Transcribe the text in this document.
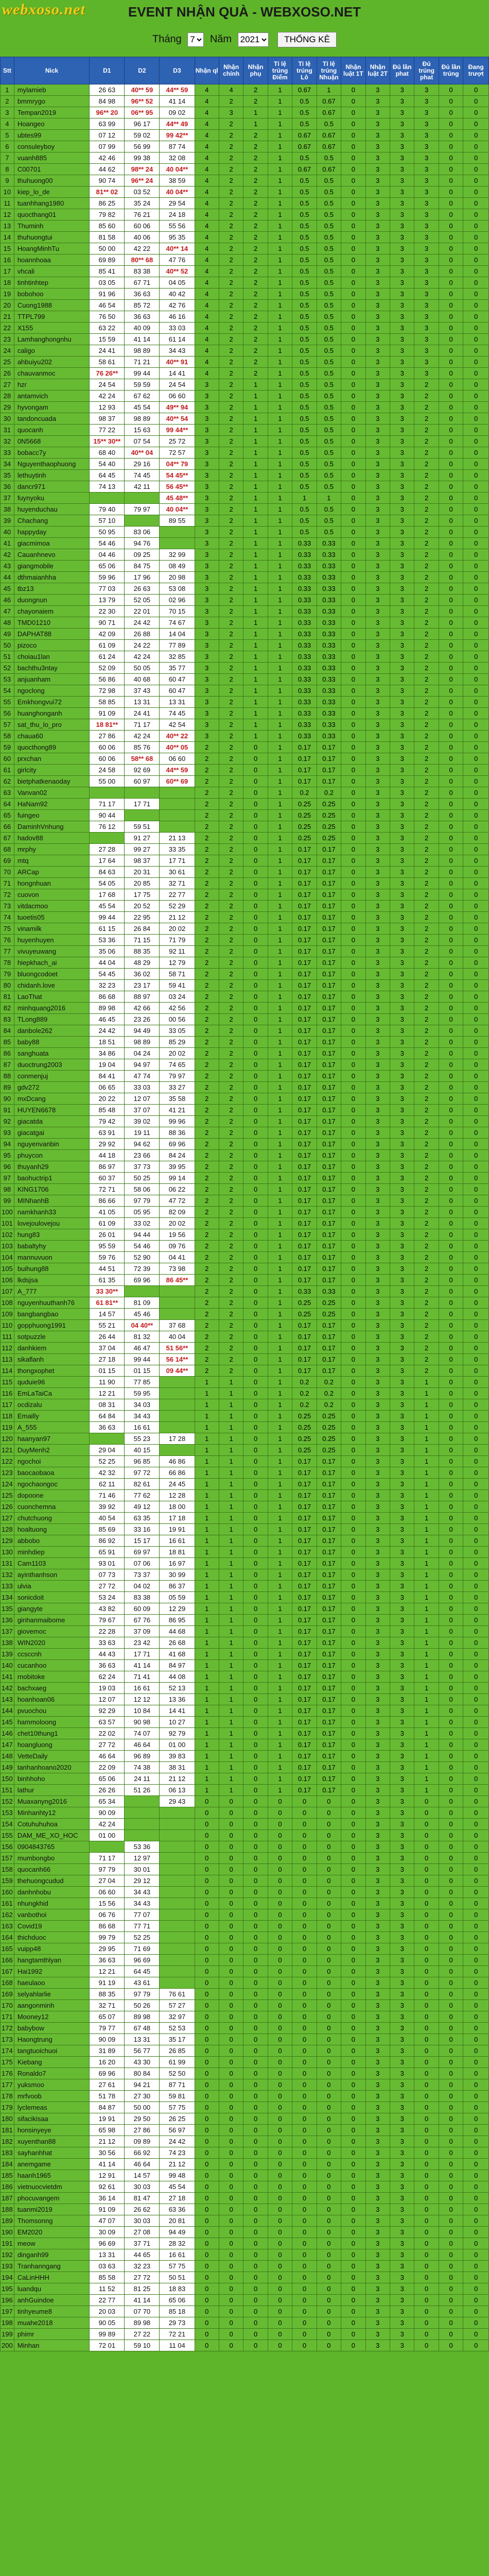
webxoso.net	EVENT NHẬN QUÀ - WEBXOSO.NET
Tháng
7	Năm
2021	THỐNG KÊ
Stt	Nick	D1	D2	D3	Nhận ql	Nhận chính	Nhận phụ	Tỉ lệ trúng Điểm	Tỉ lệ trúng Lô	Tỉ lệ trúng Nhuận	Nhận luật 1T	Nhận luật 2T	Đủ lần phat	Đủ trúng phat	Đủ lần trúng	Đang trượt
1	mylamieb	26 63	40** 59	44** 59	4	4	2	1	0.67	1	0	3	3	3	0	0
2	bmmrygo	84 98	96** 52	41 14	4	2	2	1	0.5	0.67	0	3	3	3	0	0
3	Tempan2019	96** 20	06** 95	09 02	4	3	1	1	0.5	0.67	0	3	3	3	0	0
4	Hoangeo	63 99	96 17	44** 49	4	2	1	1	0.5	0.5	0	3	3	3	0	0
5	ubtes99	07 12	59 02	99 42**	4	2	2	1	0.67	0.67	0	3	3	3	0	0
6	consuleyboy	07 99	56 99	87 74	4	2	2	1	0.67	0.67	0	3	3	3	0	0
7	vuanh885	42 46	99 38	32 08	4	2	2	1	0.5	0.5	0	3	3	3	0	0
8	C00701	44 62	98** 24	40 04**	4	2	2	1	0.67	0.67	0	3	3	3	0	0
9	thuhuong00	90 74	96** 24	38 59	4	2	2	1	0.5	0.5	0	3	3	3	0	0
10	kiep_lo_de	81** 02	03 52	40 04**	4	2	2	1	0.5	0.5	0	3	3	3	0	0
11	tuanhhang1980	86 25	35 24	29 54	4	2	2	1	0.5	0.5	0	3	3	3	0	0
12	quocthang01	79 82	76 21	24 18	4	2	2	1	0.5	0.5	0	3	3	3	0	0
13	Thuminh	85 60	60 06	55 56	4	2	2	1	0.5	0.5	0	3	3	3	0	0
14	thuhuongtui	81 58	40 06	95 35	4	2	2	1	0.5	0.5	0	3	3	3	0	0
15	HoangMinhTu	50 00	42 22	40** 14	4	2	2	1	0.5	0.5	0	3	3	3	0	0
16	hoannhoaa	69 89	80** 68	47 76	4	2	2	1	0.5	0.5	0	3	3	3	0	0
17	vhcali	85 41	83 38	40** 52	4	2	2	1	0.5	0.5	0	3	3	3	0	0
18	tinhtinhtep	03 05	67 71	04 05	4	2	2	1	0.5	0.5	0	3	3	3	0	0
19	bobohoo	91 96	36 63	40 42	4	2	2	1	0.5	0.5	0	3	3	3	0	0
20	Cuong1988	46 54	85 72	42 76	4	2	2	1	0.5	0.5	0	3	3	3	0	0
21	TTPL799	76 50	36 63	46 16	4	2	2	1	0.5	0.5	0	3	3	3	0	0
22	X155	63 22	40 09	33 03	4	2	2	1	0.5	0.5	0	3	3	3	0	0
23	Lamhanghongnhu	15 59	41 14	61 14	4	2	2	1	0.5	0.5	0	3	3	3	0	0
24	caligo	24 41	98 89	34 43	4	2	2	1	0.5	0.5	0	3	3	3	0	0
25	ahbuiyu202	58 61	71 21	40** 91	4	2	2	1	0.5	0.5	0	3	3	3	0	0
26	chauvanmoc	76 26**	99 44	14 41	4	2	2	1	0.5	0.5	0	3	3	3	0	0
27	hzr	24 54	59 59	24 54	3	2	1	1	0.5	0.5	0	3	3	2	0	0
28	antamvich	42 24	67 62	06 60	3	2	1	1	0.5	0.5	0	3	3	2	0	0
29	hyvongam	12 93	45 54	49** 94	3	2	1	1	0.5	0.5	0	3	3	2	0	0
30	tandoncuada	98 37	98 89	40** 54	3	2	1	1	0.5	0.5	0	3	3	2	0	0
31	quocanh	77 22	15 63	99 44**	3	2	1	1	0.5	0.5	0	3	3	2	0	0
32	0N5668	15** 30**	07 54	25 72	3	2	1	1	0.5	0.5	0	3	3	2	0	0
33	bobacc7y	68 40	40** 04	72 57	3	2	1	1	0.5	0.5	0	3	3	2	0	0
34	Nguyenthaophuong	54 40	29 16	04** 79	3	2	1	1	0.5	0.5	0	3	3	2	0	0
35	lethuytinh	64 45	74 45	54 45**	3	2	1	1	0.5	0.5	0	3	3	2	0	0
36	dancr971	74 13	42 11	56 45**	3	2	1	1	0.5	0.5	0	3	3	2	0	0
37	fuynyoku			45 48**	3	2	1	1	1	1	0	3	3	2	0	0
38	huyenduchau	79 40	79 97	40 04**	3	2	1	1	0.5	0.5	0	3	3	2	0	0
39	Chachang	57 10		89 55	3	2	1	1	0.5	0.5	0	3	3	2	0	0
40	happyday	50 95	83 06		3	2	1	1	0.5	0.5	0	3	3	2	0	0
41	giacmimoa	54 46	94 76		3	2	1	1	0.33	0.33	0	3	3	2	0	0
42	Cauanhnevo	04 46	09 25	32 99	3	2	1	1	0.33	0.33	0	3	3	2	0	0
43	giangmobile	65 06	84 75	08 49	3	2	1	1	0.33	0.33	0	3	3	2	0	0
44	dthmaianhha	59 96	17 96	20 98	3	2	1	1	0.33	0.33	0	3	3	2	0	0
45	tbz13	77 03	26 63	53 08	3	2	1	1	0.33	0.33	0	3	3	2	0	0
46	duongnun	13 79	52 05	02 96	3	2	1	1	0.33	0.33	0	3	3	2	0	0
47	chayonaiem	22 30	22 01	70 15	3	2	1	1	0.33	0.33	0	3	3	2	0	0
48	TMD01210	90 71	24 42	74 67	3	2	1	1	0.33	0.33	0	3	3	2	0	0
49	DAPHAT88	42 09	26 88	14 04	3	2	1	1	0.33	0.33	0	3	3	2	0	0
50	pizoco	61 09	24 22	77 89	3	2	1	1	0.33	0.33	0	3	3	2	0	0
51	choiau1lan	61 24	42 24	32 85	3	2	1	1	0.33	0.33	0	3	3	2	0	0
52	bachthu3ntay	52 09	50 05	35 77	3	2	1	1	0.33	0.33	0	3	3	2	0	0
53	anjuanham	56 86	40 68	60 47	3	2	1	1	0.33	0.33	0	3	3	2	0	0
54	ngoclong	72 98	37 43	60 47	3	2	1	1	0.33	0.33	0	3	3	2	0	0
55	Emkhongvui72	58 85	13 31	13 31	3	2	1	1	0.33	0.33	0	3	3	2	0	0
56	huanghonganh	91 09	24 41	74 45	3	2	1	1	0.33	0.33	0	3	3	2	0	0
57	sat_thu_lo_pro	18 81**	71 17	42 54	3	2	1	1	0.33	0.33	0	3	3	2	0	0
58	chaua60	27 86	42 24	40** 22	3	2	1	1	0.33	0.33	0	3	3	2	0	0
59	quocthong89	60 06	85 76	40** 05	2	2	0	1	0.17	0.17	0	3	3	2	0	0
60	prxchan	60 06	58** 68	06 60	2	2	0	1	0.17	0.17	0	3	3	2	0	0
61	girlcity	24 58	92 69	44** 59	2	2	0	1	0.17	0.17	0	3	3	2	0	0
62	bietphatkenaoday	55 00	60 97	60** 69	2	2	0	1	0.17	0.17	0	3	3	2	0	0
63	Vanvan02				2	2	0	1	0.2	0.2	0	3	3	2	0	0
64	HaNam92	71 17	17 71		2	2	0	1	0.25	0.25	0	3	3	2	0	0
65	fuingeo	90 44			2	2	0	1	0.25	0.25	0	3	3	2	0	0
66	DaminhVnhung	76 12	59 51		2	2	0	1	0.25	0.25	0	3	3	2	0	0
67	hadov88		91 27	21 13	2	2	0	1	0.25	0.25	0	3	3	2	0	0
68	mrphy	27 28	99 27	33 35	2	2	0	1	0.17	0.17	0	3	3	2	0	0
69	mtq	17 64	98 37	17 71	2	2	0	1	0.17	0.17	0	3	3	2	0	0
70	ARCap	84 63	20 31	30 61	2	2	0	1	0.17	0.17	0	3	3	2	0	0
71	hongnhuan	54 05	20 85	32 71	2	2	0	1	0.17	0.17	0	3	3	2	0	0
72	cuovon	17 68	17 75	22 77	2	2	0	1	0.17	0.17	0	3	3	2	0	0
73	vitdacmoo	45 54	20 52	52 29	2	2	0	1	0.17	0.17	0	3	3	2	0	0
74	tuoetis05	99 44	22 95	21 12	2	2	0	1	0.17	0.17	0	3	3	2	0	0
75	vinamilk	61 15	26 84	20 02	2	2	0	1	0.17	0.17	0	3	3	2	0	0
76	huyenhuyen	53 36	71 15	71 79	2	2	0	1	0.17	0.17	0	3	3	2	0	0
77	vivuyeuwang	35 06	88 35	92 11	2	2	0	1	0.17	0.17	0	3	3	2	0	0
78	hiepkhach_ai	44 04	48 29	12 79	2	2	0	1	0.17	0.17	0	3	3	2	0	0
79	bluongcodoet	54 45	36 02	58 71	2	2	0	1	0.17	0.17	0	3	3	2	0	0
80	chidanh.love	32 23	23 17	59 41	2	2	0	1	0.17	0.17	0	3	3	2	0	0
81	LaoThat	86 68	88 97	03 24	2	2	0	1	0.17	0.17	0	3	3	2	0	0
82	minhquang2016	89 98	42 66	42 56	2	2	0	1	0.17	0.17	0	3	3	2	0	0
83	TLong889	46 45	23 26	00 56	2	2	0	1	0.17	0.17	0	3	3	2	0	0
84	danbole262	24 42	94 49	33 05	2	2	0	1	0.17	0.17	0	3	3	2	0	0
85	baby88	18 51	98 89	85 29	2	2	0	1	0.17	0.17	0	3	3	2	0	0
86	sanghuata	34 86	04 24	20 02	2	2	0	1	0.17	0.17	0	3	3	2	0	0
87	duoctrung2003	19 04	94 97	74 65	2	2	0	1	0.17	0.17	0	3	3	2	0	0
88	conmenjuj	84 41	47 74	79 97	2	2	0	1	0.17	0.17	0	3	3	2	0	0
89	gdv272	06 65	33 03	33 27	2	2	0	1	0.17	0.17	0	3	3	2	0	0
90	mxDcang	20 22	12 07	35 58	2	2	0	1	0.17	0.17	0	3	3	2	0	0
91	HUYEN6678	85 48	37 07	41 21	2	2	0	1	0.17	0.17	0	3	3	2	0	0
92	giacatda	79 42	39 02	99 96	2	2	0	1	0.17	0.17	0	3	3	2	0	0
93	giacatgai	63 91	19 11	88 36	2	2	0	1	0.17	0.17	0	3	3	2	0	0
94	nguyenvanbin	29 92	94 62	69 96	2	2	0	1	0.17	0.17	0	3	3	2	0	0
95	phuycon	44 18	23 66	84 24	2	2	0	1	0.17	0.17	0	3	3	2	0	0
96	thuyanh29	86 97	37 73	39 95	2	2	0	1	0.17	0.17	0	3	3	2	0	0
97	baohuctrip1	60 37	50 25	99 14	2	2	0	1	0.17	0.17	0	3	3	2	0	0
98	KING1706	72 71	58 06	06 22	2	2	0	1	0.17	0.17	0	3	3	2	0	0
99	MINhanhB	86 66	97 79	47 72	2	2	0	1	0.17	0.17	0	3	3	2	0	0
100	namkhanh33	41 05	05 95	82 09	2	2	0	1	0.17	0.17	0	3	3	2	0	0
101	lovejoulovejou	61 09	33 02	20 02	2	2	0	1	0.17	0.17	0	3	3	2	0	0
102	hung83	26 01	94 44	19 56	2	2	0	1	0.17	0.17	0	3	3	2	0	0
103	babaltyhy	95 59	54 46	09 76	2	2	0	1	0.17	0.17	0	3	3	2	0	0
104	mannuvuon	59 76	52 90	04 41	2	2	0	1	0.17	0.17	0	3	3	2	0	0
105	buihung88	44 51	72 39	73 98	2	2	0	1	0.17	0.17	0	3	3	2	0	0
106	lkdsjsa	61 35	69 96	86 45**	2	2	0	1	0.17	0.17	0	3	3	2	0	0
107	A_777	33 30**			2	2	0	1	0.33	0.33	0	3	3	2	0	0
108	nguyenhuuthanh76	61 81**	81 09		2	2	0	1	0.25	0.25	0	3	3	2	0	0
109	bangbangbao	14 57	45 46		2	2	0	1	0.25	0.25	0	3	3	2	0	0
110	gopphuong1991	55 21	04 40**	37 68	2	2	0	1	0.17	0.17	0	3	3	2	0	0
111	sotpuzzle	26 44	81 32	40 04	2	2	0	1	0.17	0.17	0	3	3	2	0	0
112	danhkiem	37 04	46 47	51 56**	2	2	0	1	0.17	0.17	0	3	3	2	0	0
113	sikaflanh	27 18	99 44	56 14**	2	2	0	1	0.17	0.17	0	3	3	2	0	0
114	thongxophet	01 15	01 15	09 44**	2	2	0	1	0.17	0.17	0	3	3	2	0	0
115	quduie96	11 90	77 85		1	1	0	1	0.2	0.2	0	3	3	1	0	0
116	EmLaTaiCa	12 21	59 95		1	1	0	1	0.2	0.2	0	3	3	1	0	0
117	ocdizalu	08 31	34 03		1	1	0	1	0.2	0.2	0	3	3	1	0	0
118	Emailly	64 84	34 43		1	1	0	1	0.25	0.25	0	3	3	1	0	0
119	A_555	36 63	16 61		1	1	0	1	0.25	0.25	0	3	3	1	0	0
120	haanyan97		55 23	17 28	1	1	0	1	0.25	0.25	0	3	3	1	0	0
121	DuyMenh2	29 04	40 15		1	1	0	1	0.25	0.25	0	3	3	1	0	0
122	ngochoi	52 25	96 85	46 86	1	1	0	1	0.17	0.17	0	3	3	1	0	0
123	baocaobaoa	42 32	97 72	66 86	1	1	0	1	0.17	0.17	0	3	3	1	0	0
124	ngochaongoc	62 11	82 61	24 45	1	1	0	1	0.17	0.17	0	3	3	1	0	0
125	dopoone	71 46	77 62	12 28	1	1	0	1	0.17	0.17	0	3	3	1	0	0
126	cuonchemna	39 92	49 12	18 00	1	1	0	1	0.17	0.17	0	3	3	1	0	0
127	chutchuong	40 54	63 35	17 18	1	1	0	1	0.17	0.17	0	3	3	1	0	0
128	hoaltuong	85 69	33 16	19 91	1	1	0	1	0.17	0.17	0	3	3	1	0	0
129	abbobo	86 92	15 17	16 61	1	1	0	1	0.17	0.17	0	3	3	1	0	0
130	minhdiep	65 91	69 97	18 81	1	1	0	1	0.17	0.17	0	3	3	1	0	0
131	Cam1103	93 01	07 06	16 97	1	1	0	1	0.17	0.17	0	3	3	1	0	0
132	ayinthanhson	07 73	73 37	30 99	1	1	0	1	0.17	0.17	0	3	3	1	0	0
133	ulvia	27 72	04 02	86 37	1	1	0	1	0.17	0.17	0	3	3	1	0	0
134	sonicdoit	53 24	83 38	05 59	1	1	0	1	0.17	0.17	0	3	3	1	0	0
135	giangyte	43 82	60 09	12 29	1	1	0	1	0.17	0.17	0	3	3	1	0	0
136	ginhanmaibome	79 67	67 76	86 95	1	1	0	1	0.17	0.17	0	3	3	1	0	0
137	giovemoc	22 28	37 09	44 68	1	1	0	1	0.17	0.17	0	3	3	1	0	0
138	WIN2020	33 63	23 42	26 68	1	1	0	1	0.17	0.17	0	3	3	1	0	0
139	ccsccnh	44 43	17 71	41 68	1	1	0	1	0.17	0.17	0	3	3	1	0	0
140	cucanhoo	36 63	41 14	84 97	1	1	0	1	0.17	0.17	0	3	3	1	0	0
141	rnobitoke	62 24	71 41	44 08	1	1	0	1	0.17	0.17	0	3	3	1	0	0
142	bachxaeg	19 03	16 61	52 13	1	1	0	1	0.17	0.17	0	3	3	1	0	0
143	hoanhoan06	12 07	12 12	13 36	1	1	0	1	0.17	0.17	0	3	3	1	0	0
144	pvuochou	92 29	10 84	14 41	1	1	0	1	0.17	0.17	0	3	3	1	0	0
145	hammoloong	63 57	90 98	10 27	1	1	0	1	0.17	0.17	0	3	3	1	0	0
146	chet10thung1	22 02	74 07	92 79	1	1	0	1	0.17	0.17	0	3	3	1	0	0
147	hoangluong	27 72	46 64	01 00	1	1	0	1	0.17	0.17	0	3	3	1	0	0
148	VetteDaily	46 64	96 89	39 83	1	1	0	1	0.17	0.17	0	3	3	1	0	0
149	tanhanhoano2020	22 09	74 38	38 31	1	1	0	1	0.17	0.17	0	3	3	1	0	0
150	binhhoho	65 06	24 11	21 12	1	1	0	1	0.17	0.17	0	3	3	1	0	0
151	lathur	26 26	51 26	06 13	1	1	0	1	0.17	0.17	0	3	3	1	0	0
152	Muaxanyng2016	65 34		29 43	0	0	0	0	0	0	0	3	3	0	0	0
153	Minhanhty12	90 09			0	0	0	0	0	0	0	3	3	0	0	0
154	Cotuhuhuhoa	42 24			0	0	0	0	0	0	0	3	3	0	0	0
155	DAM_ME_XO_HOC	01 00			0	0	0	0	0	0	0	3	3	0	0	0
156	0904843765		53 36		0	0	0	0	0	0	0	3	3	0	0	0
157	mumbongbo	71 17	12 97		0	0	0	0	0	0	0	3	3	0	0	0
158	quocanh66	97 79	30 01		0	0	0	0	0	0	0	3	3	0	0	0
159	thehuongcudud	27 04	29 12		0	0	0	0	0	0	0	3	3	0	0	0
160	danhnhobu	06 60	34 43		0	0	0	0	0	0	0	3	3	0	0	0
161	nhungkhid	15 56	34 43		0	0	0	0	0	0	0	3	3	0	0	0
162	vanbothoi	06 76	77 07		0	0	0	0	0	0	0	3	3	0	0	0
163	Covid19	86 68	77 71		0	0	0	0	0	0	0	3	3	0	0	0
164	thichduoc	99 79	52 25		0	0	0	0	0	0	0	3	3	0	0	0
165	vuipp48	29 95	71 69		0	0	0	0	0	0	0	3	3	0	0	0
166	hangtamthlyan	36 63	96 69		0	0	0	0	0	0	0	3	3	0	0	0
167	Hai1992	12 21	64 45		0	0	0	0	0	0	0	3	3	0	0	0
168	haeulaoo	91 19	43 61		0	0	0	0	0	0	0	3	3	0	0	0
169	selyahlarlie	88 35	97 79	76 61	0	0	0	0	0	0	0	3	3	0	0	0
170	aangonminh	32 71	50 26	57 27	0	0	0	0	0	0	0	3	3	0	0	0
171	Mooney12	65 07	89 98	32 97	0	0	0	0	0	0	0	3	3	0	0	0
172	babybow	79 77	67 48	52 53	0	0	0	0	0	0	0	3	3	0	0	0
173	Haongtrung	90 09	13 31	35 17	0	0	0	0	0	0	0	3	3	0	0	0
174	tangtuoichuoi	31 89	56 77	26 85	0	0	0	0	0	0	0	3	3	0	0	0
175	Kiebang	16 20	43 30	61 99	0	0	0	0	0	0	0	3	3	0	0	0
176	Ronaldo7	69 96	80 84	52 50	0	0	0	0	0	0	0	3	3	0	0	0
177	yuksmoo	27 61	94 21	87 71	0	0	0	0	0	0	0	3	3	0	0	0
178	mrfvoob	51 78	27 30	59 81	0	0	0	0	0	0	0	3	3	0	0	0
179	lyclemeas	84 87	50 00	57 75	0	0	0	0	0	0	0	3	3	0	0	0
180	sifacikisaa	19 91	29 50	26 25	0	0	0	0	0	0	0	3	3	0	0	0
181	honsinyeye	65 98	27 86	56 97	0	0	0	0	0	0	0	3	3	0	0	0
182	xuyenthan88	21 12	09 89	24 42	0	0	0	0	0	0	0	3	3	0	0	0
183	sayhanhhat	30 56	66 92	74 23	0	0	0	0	0	0	0	3	3	0	0	0
184	anemgame	41 14	46 64	21 12	0	0	0	0	0	0	0	3	3	0	0	0
185	haanh1965	12 91	14 57	99 48	0	0	0	0	0	0	0	3	3	0	0	0
186	vietnuocvietdm	92 61	30 03	45 54	0	0	0	0	0	0	0	3	3	0	0	0
187	phocuvangem	36 14	81 47	27 18	0	0	0	0	0	0	0	3	3	0	0	0
188	tuanmi2019	91 09	26 62	63 36	0	0	0	0	0	0	0	3	3	0	0	0
189	Thomsonng	47 07	30 03	20 81	0	0	0	0	0	0	0	3	3	0	0	0
190	EM2020	30 09	27 08	94 49	0	0	0	0	0	0	0	3	3	0	0	0
191	meow	96 69	37 71	28 32	0	0	0	0	0	0	0	3	3	0	0	0
192	dinganh99	13 31	44 65	16 61	0	0	0	0	0	0	0	3	3	0	0	0
193	Tranhanngang	03 63	32 23	57 75	0	0	0	0	0	0	0	3	3	0	0	0
194	CaLinHHH	85 58	27 72	50 51	0	0	0	0	0	0	0	3	3	0	0	0
195	luandqu	11 52	81 25	18 83	0	0	0	0	0	0	0	3	3	0	0	0
196	anhGuindoe	22 77	41 14	65 06	0	0	0	0	0	0	0	3	3	0	0	0
197	tinhyeume8	20 03	07 70	85 18	0	0	0	0	0	0	0	3	3	0	0	0
198	muahe2018	90 05	89 98	29 73	0	0	0	0	0	0	0	3	3	0	0	0
199	phimr	99 89	27 22	72 21	0	0	0	0	0	0	0	3	3	0	0	0
200	Minhan	72 01	59 10	11 04	0	0	0	0	0	0	0	3	3	0	0	0
